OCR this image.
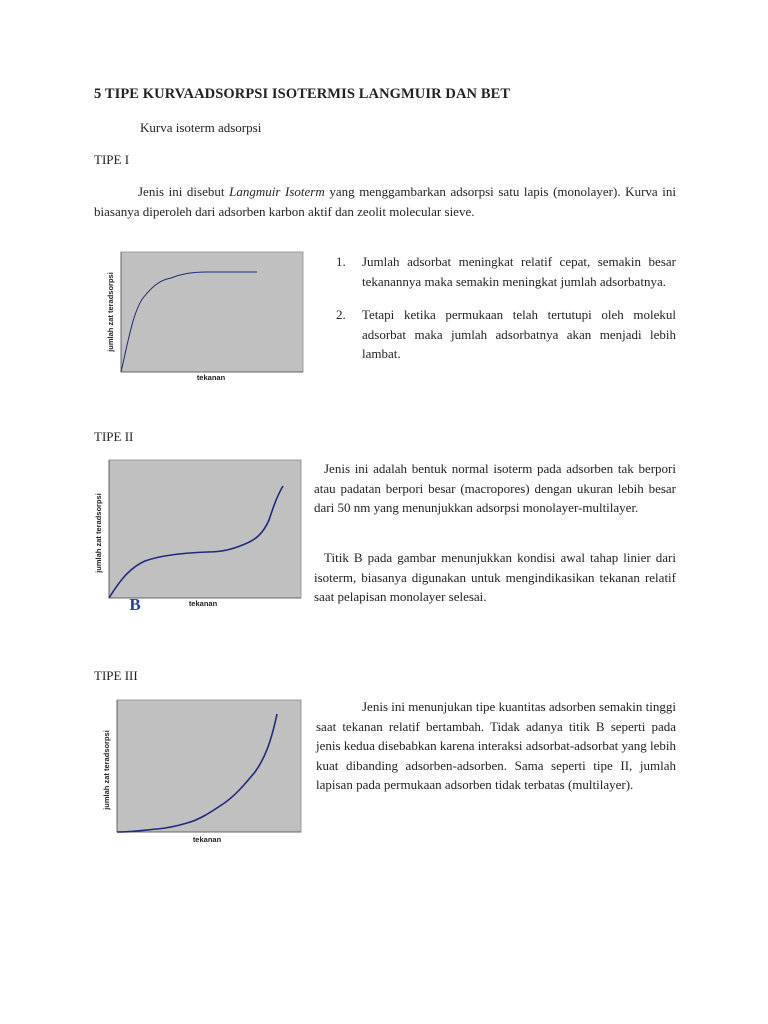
5 TIPE KURVAADSORPSI ISOTERMIS LANGMUIR DAN BET
Kurva isoterm adsorpsi
TIPE I
Jenis ini disebut Langmuir Isoterm yang menggambarkan adsorpsi satu lapis (monolayer). Kurva ini biasanya diperoleh dari adsorben karbon aktif dan zeolit molecular sieve.
jumlah zat teradsorpsi
tekanan
1. Jumlah adsorbat meningkat relatif cepat, semakin besar tekanannya maka semakin meningkat jumlah adsorbatnya.
2. Tetapi ketika permukaan telah tertutupi oleh molekul adsorbat maka jumlah adsorbatnya akan menjadi lebih lambat.
TIPE II
jumlah zat teradsorpsi
tekanan
B
Jenis ini adalah bentuk normal isoterm pada adsorben tak berpori atau padatan berpori besar (macropores) dengan ukuran lebih besar dari 50 nm yang menunjukkan adsorpsi monolayer-multilayer.
Titik B pada gambar menunjukkan kondisi awal tahap linier dari isoterm, biasanya digunakan untuk mengindikasikan tekanan relatif saat pelapisan monolayer selesai.
TIPE III
jumlah zat teradsorpsi
tekanan
Jenis ini menunjukan tipe kuantitas adsorben semakin tinggi saat tekanan relatif bertambah. Tidak adanya titik B seperti pada jenis kedua disebabkan karena interaksi adsorbat-adsorbat yang lebih kuat dibanding adsorben-adsorben. Sama seperti tipe II, jumlah lapisan pada permukaan adsorben tidak terbatas (multilayer).
